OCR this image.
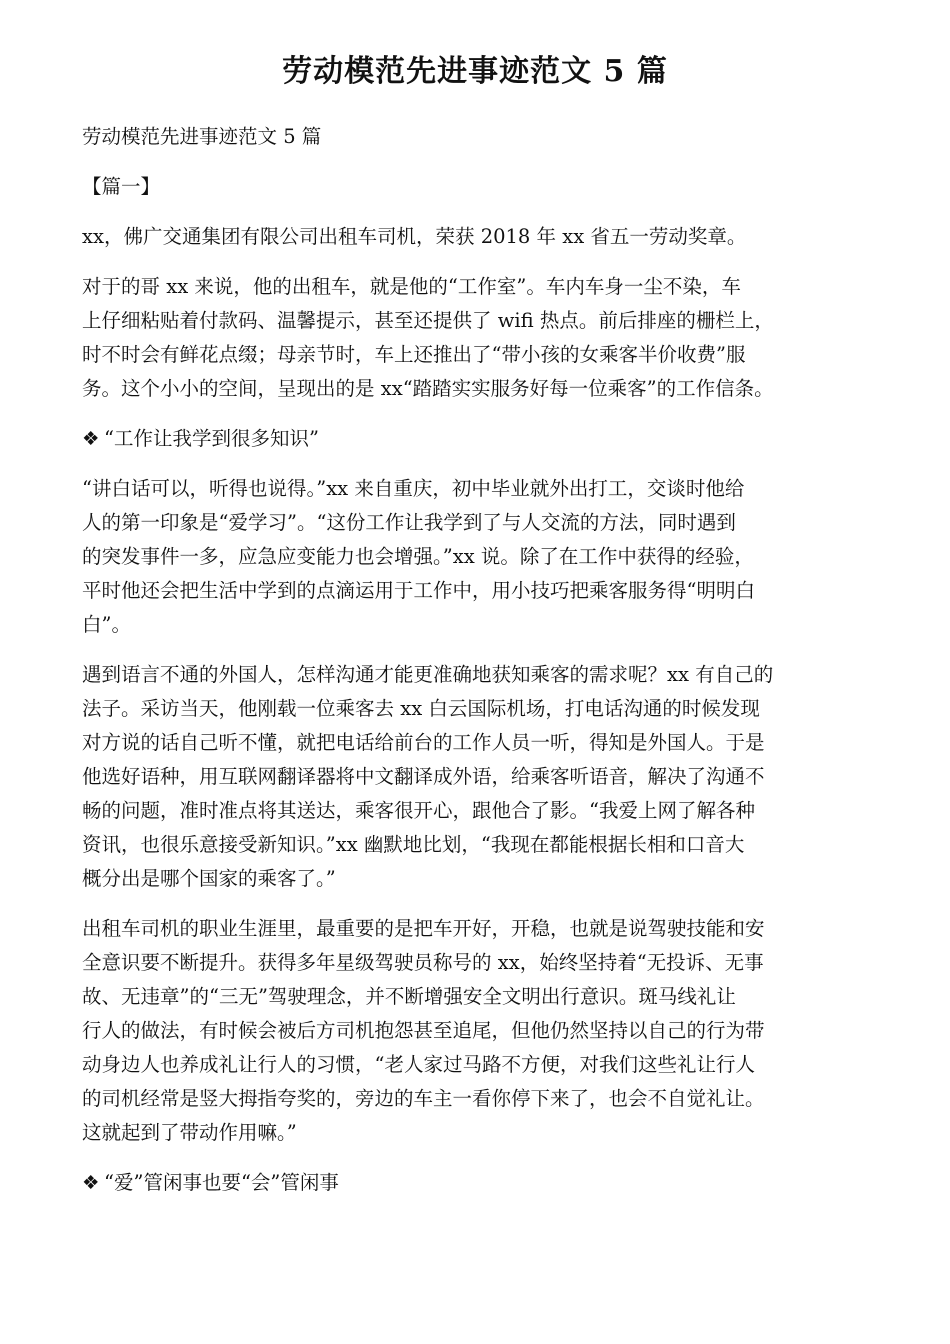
劳动模范先进事迹范文 5 篇

劳动模范先进事迹范文 5 篇

【篇一】

xx，佛广交通集团有限公司出租车司机，荣获 2018 年 xx 省五一劳动奖章。

对于的哥 xx 来说，他的出租车，就是他的“工作室”。车内车身一尘不染，车
上仔细粘贴着付款码、温馨提示，甚至还提供了 wifi 热点。前后排座的栅栏上，
时不时会有鲜花点缀；母亲节时，车上还推出了“带小孩的女乘客半价收费”服
务。这个小小的空间，呈现出的是 xx“踏踏实实服务好每一位乘客”的工作信条。

❖ “工作让我学到很多知识”

“讲白话可以，听得也说得。”xx 来自重庆，初中毕业就外出打工，交谈时他给
人的第一印象是“爱学习”。“这份工作让我学到了与人交流的方法，同时遇到
的突发事件一多，应急应变能力也会增强。”xx 说。除了在工作中获得的经验，
平时他还会把生活中学到的点滴运用于工作中，用小技巧把乘客服务得“明明白
白”。

遇到语言不通的外国人，怎样沟通才能更准确地获知乘客的需求呢？xx 有自己的
法子。采访当天，他刚载一位乘客去 xx 白云国际机场，打电话沟通的时候发现
对方说的话自己听不懂，就把电话给前台的工作人员一听，得知是外国人。于是
他选好语种，用互联网翻译器将中文翻译成外语，给乘客听语音，解决了沟通不
畅的问题，准时准点将其送达，乘客很开心，跟他合了影。“我爱上网了解各种
资讯，也很乐意接受新知识。”xx 幽默地比划，“我现在都能根据长相和口音大
概分出是哪个国家的乘客了。”

出租车司机的职业生涯里，最重要的是把车开好，开稳，也就是说驾驶技能和安
全意识要不断提升。获得多年星级驾驶员称号的 xx，始终坚持着“无投诉、无事
故、无违章”的“三无”驾驶理念，并不断增强安全文明出行意识。斑马线礼让
行人的做法，有时候会被后方司机抱怨甚至追尾，但他仍然坚持以自己的行为带
动身边人也养成礼让行人的习惯，“老人家过马路不方便，对我们这些礼让行人
的司机经常是竖大拇指夸奖的，旁边的车主一看你停下来了，也会不自觉礼让。
这就起到了带动作用嘛。”

❖ “爱”管闲事也要“会”管闲事
